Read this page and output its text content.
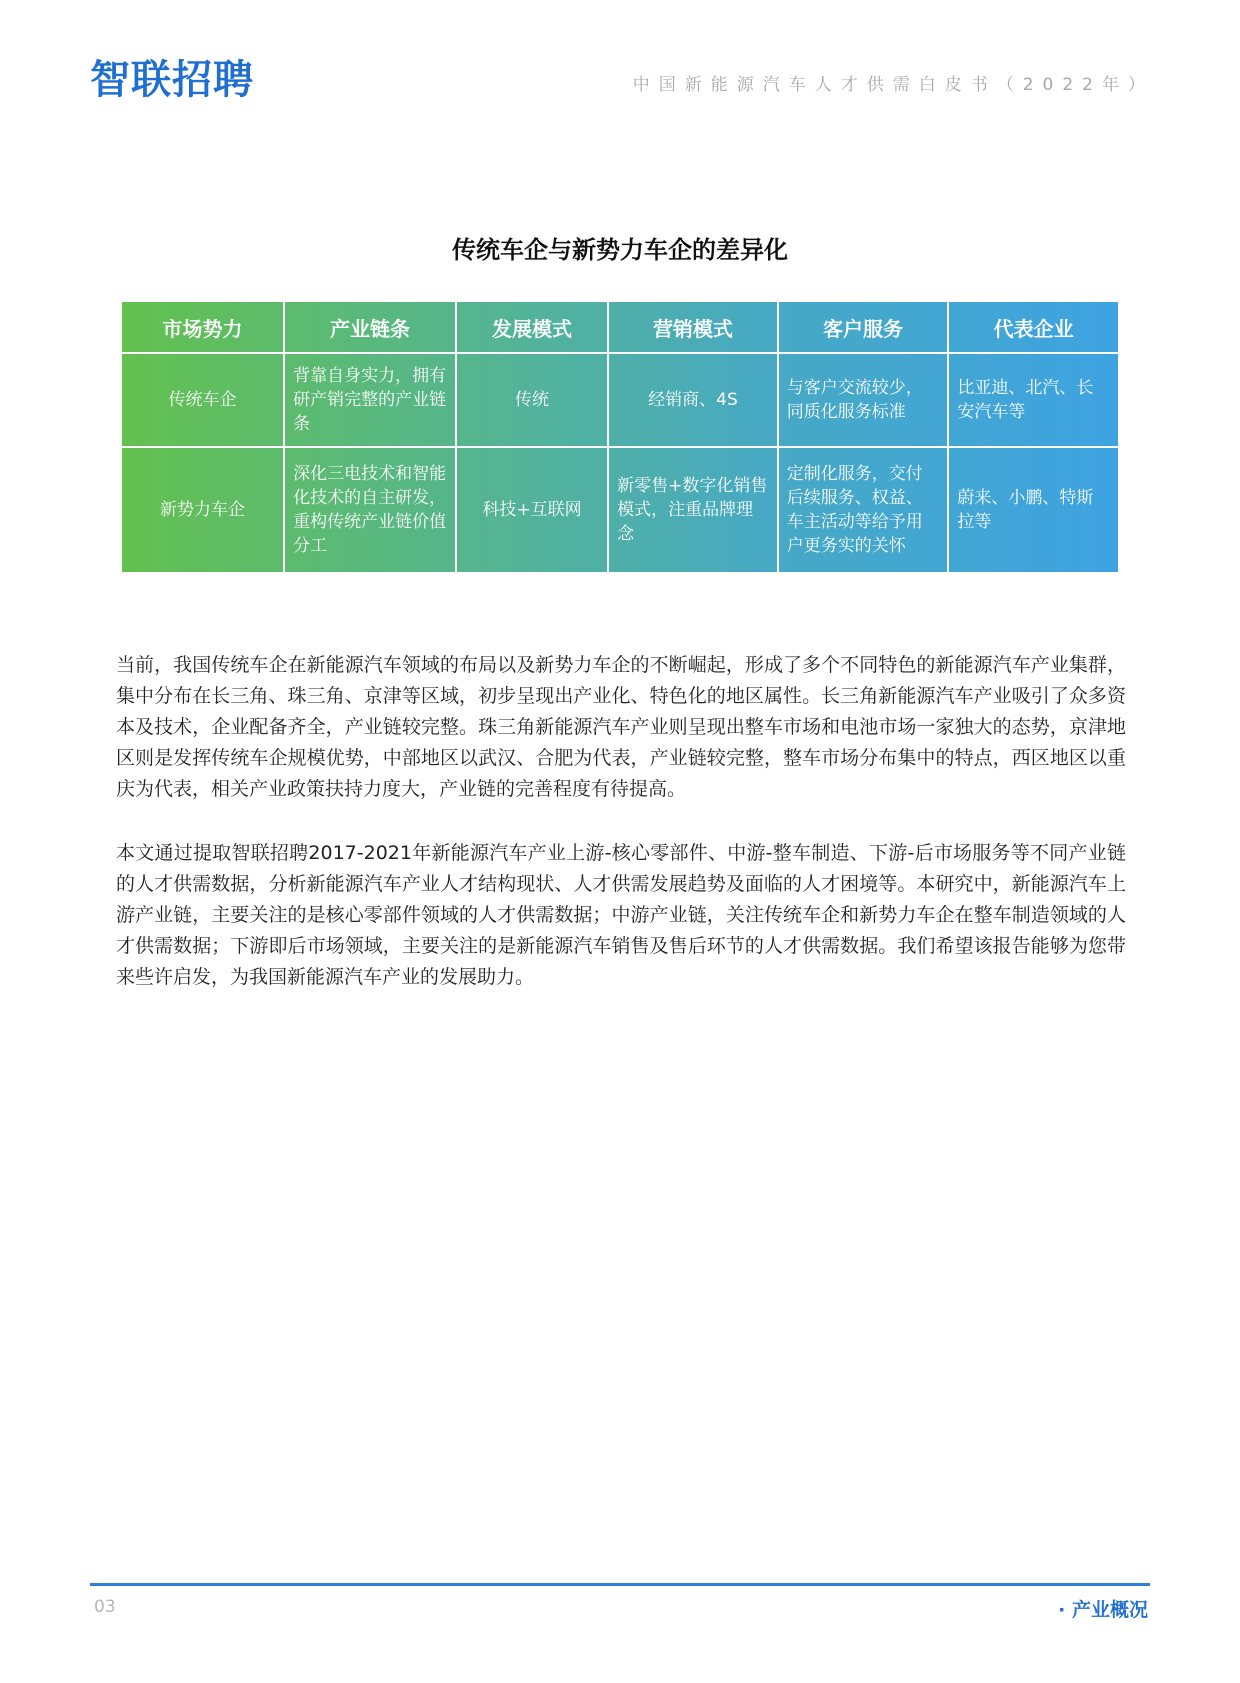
智联招聘	中国新能源汽车人才供需白皮书（2022年）
传统车企与新势力车企的差异化
市场势力	产业链条	发展模式	营销模式	客户服务	代表企业
传统车企	背靠自身实力，拥有研产销完整的产业链条	传统	经销商、4S	与客户交流较少，同质化服务标准	比亚迪、北汽、长安汽车等
新势力车企	深化三电技术和智能化技术的自主研发，重构传统产业链价值分工	科技+互联网	新零售+数字化销售模式，注重品牌理念	定制化服务，交付后续服务、权益、车主活动等给予用户更务实的关怀	蔚来、小鹏、特斯拉等

当前，我国传统车企在新能源汽车领域的布局以及新势力车企的不断崛起，形成了多个不同特色的新能源汽车产业集群，集中分布在长三角、珠三角、京津等区域，初步呈现出产业化、特色化的地区属性。长三角新能源汽车产业吸引了众多资本及技术，企业配备齐全，产业链较完整。珠三角新能源汽车产业则呈现出整车市场和电池市场一家独大的态势，京津地区则是发挥传统车企规模优势，中部地区以武汉、合肥为代表，产业链较完整，整车市场分布集中的特点，西区地区以重庆为代表，相关产业政策扶持力度大，产业链的完善程度有待提高。

本文通过提取智联招聘2017-2021年新能源汽车产业上游-核心零部件、中游-整车制造、下游-后市场服务等不同产业链的人才供需数据，分析新能源汽车产业人才结构现状、人才供需发展趋势及面临的人才困境等。本研究中，新能源汽车上游产业链，主要关注的是核心零部件领域的人才供需数据；中游产业链，关注传统车企和新势力车企在整车制造领域的人才供需数据；下游即后市场领域，主要关注的是新能源汽车销售及售后环节的人才供需数据。我们希望该报告能够为您带来些许启发，为我国新能源汽车产业的发展助力。

03	· 产业概况
